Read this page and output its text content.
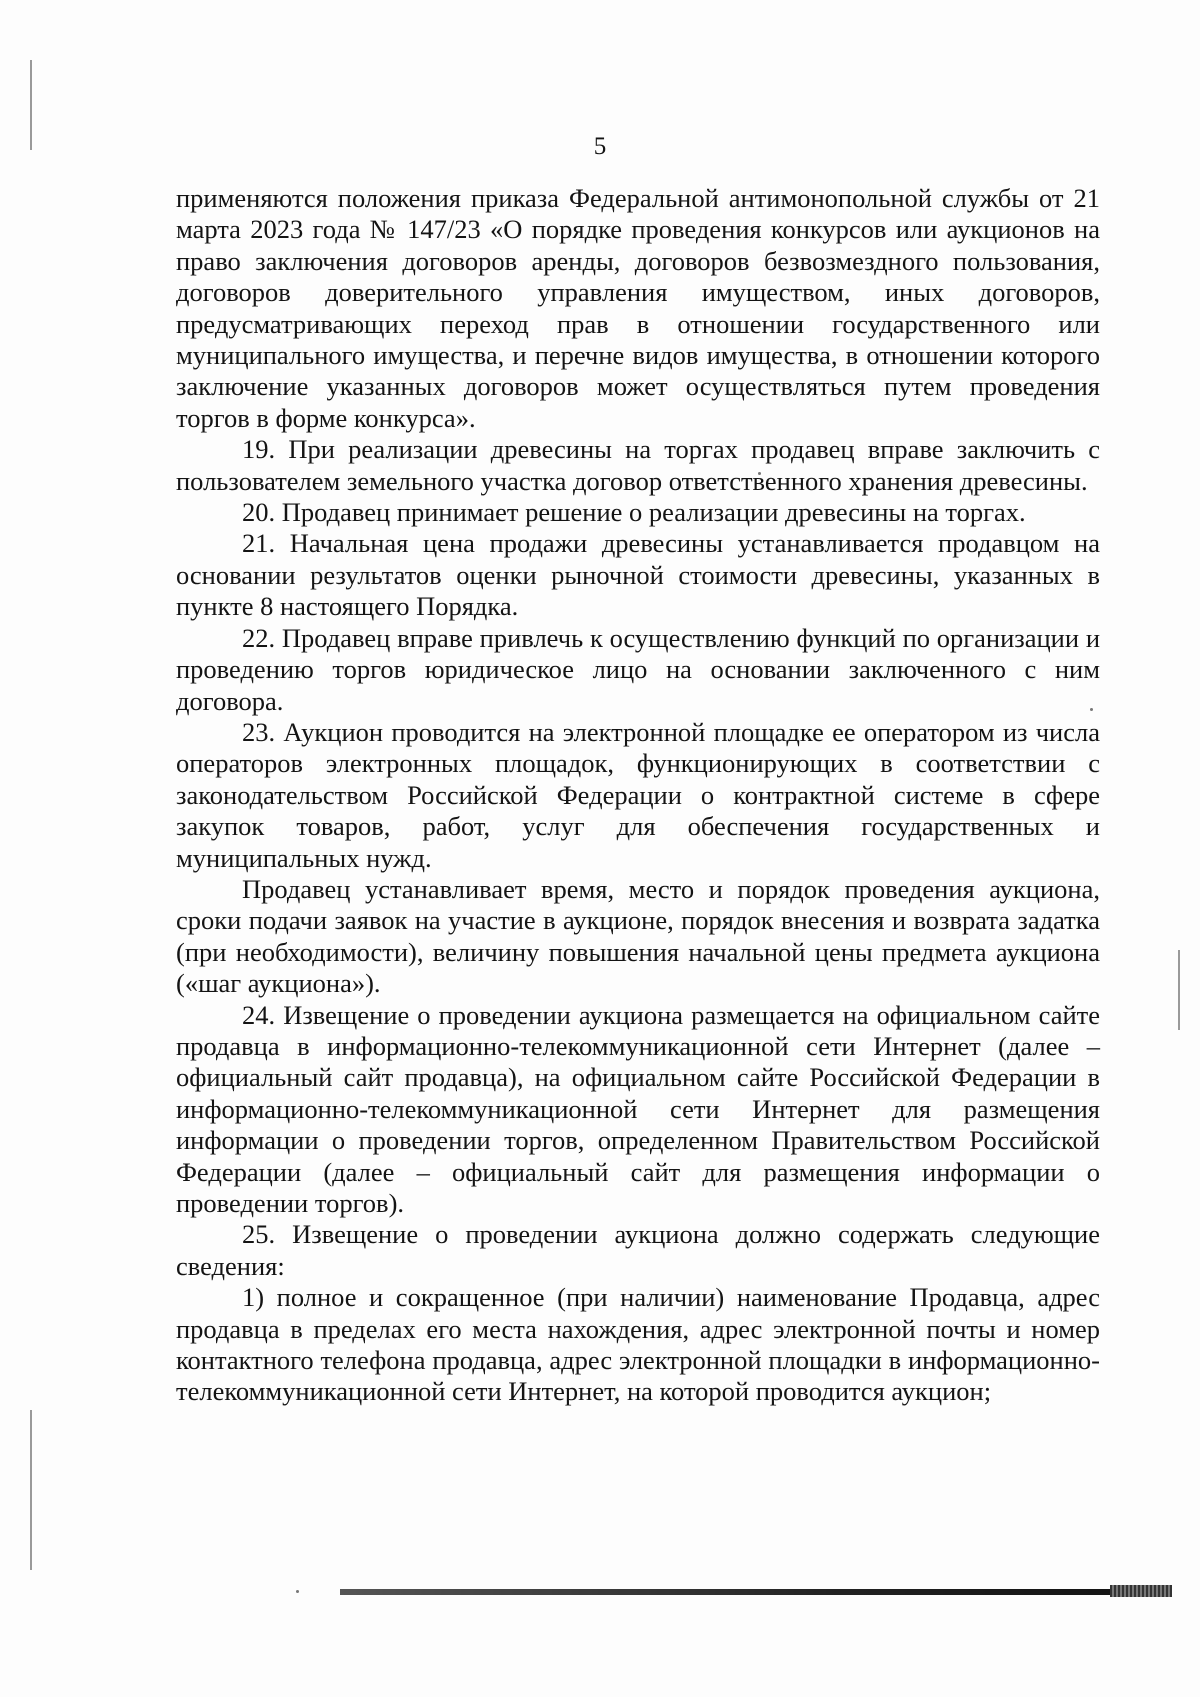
5

применяются положения приказа Федеральной антимонопольной службы от 21 марта 2023 года № 147/23 «О порядке проведения конкурсов или аукционов на право заключения договоров аренды, договоров безвозмездного пользования, договоров доверительного управления имуществом, иных договоров, предусматривающих переход прав в отношении государственного или муниципального имущества, и перечне видов имущества, в отношении которого заключение указанных договоров может осуществляться путем проведения торгов в форме конкурса».

19. При реализации древесины на торгах продавец вправе заключить с пользователем земельного участка договор ответственного хранения древесины.

20. Продавец принимает решение о реализации древесины на торгах.

21. Начальная цена продажи древесины устанавливается продавцом на основании результатов оценки рыночной стоимости древесины, указанных в пункте 8 настоящего Порядка.

22. Продавец вправе привлечь к осуществлению функций по организации и проведению торгов юридическое лицо на основании заключенного с ним договора.

23. Аукцион проводится на электронной площадке ее оператором из числа операторов электронных площадок, функционирующих в соответствии с законодательством Российской Федерации о контрактной системе в сфере закупок товаров, работ, услуг для обеспечения государственных и муниципальных нужд.

Продавец устанавливает время, место и порядок проведения аукциона, сроки подачи заявок на участие в аукционе, порядок внесения и возврата задатка (при необходимости), величину повышения начальной цены предмета аукциона («шаг аукциона»).

24. Извещение о проведении аукциона размещается на официальном сайте продавца в информационно-телекоммуникационной сети Интернет (далее – официальный сайт продавца), на официальном сайте Российской Федерации в информационно-телекоммуникационной сети Интернет для размещения информации о проведении торгов, определенном Правительством Российской Федерации (далее – официальный сайт для размещения информации о проведении торгов).

25. Извещение о проведении аукциона должно содержать следующие сведения:

1) полное и сокращенное (при наличии) наименование Продавца, адрес продавца в пределах его места нахождения, адрес электронной почты и номер контактного телефона продавца, адрес электронной площадки в информационно-телекоммуникационной сети Интернет, на которой проводится аукцион;
